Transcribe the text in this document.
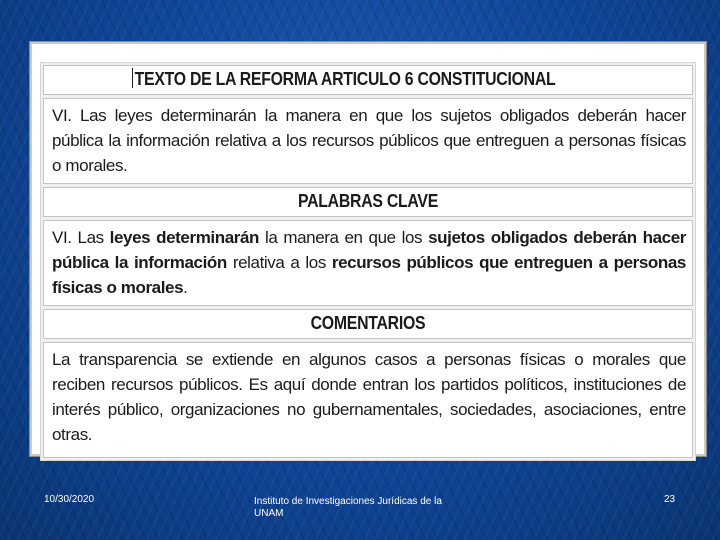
TEXTO DE LA REFORMA ARTICULO 6 CONSTITUCIONAL
VI. Las leyes determinarán la manera en que los sujetos obligados deberán hacer pública la información relativa a los recursos públicos que entreguen a personas físicas o morales.
PALABRAS CLAVE
VI. Las leyes determinarán la manera en que los sujetos obligados deberán hacer pública la información relativa a los recursos públicos que entreguen a personas físicas o morales.
COMENTARIOS
La transparencia se extiende en algunos casos a personas físicas o morales que reciben recursos públicos. Es aquí donde entran los partidos políticos, instituciones de interés público, organizaciones no gubernamentales, sociedades, asociaciones, entre otras.
10/30/2020	Instituto de Investigaciones Jurídicas de la UNAM
23
